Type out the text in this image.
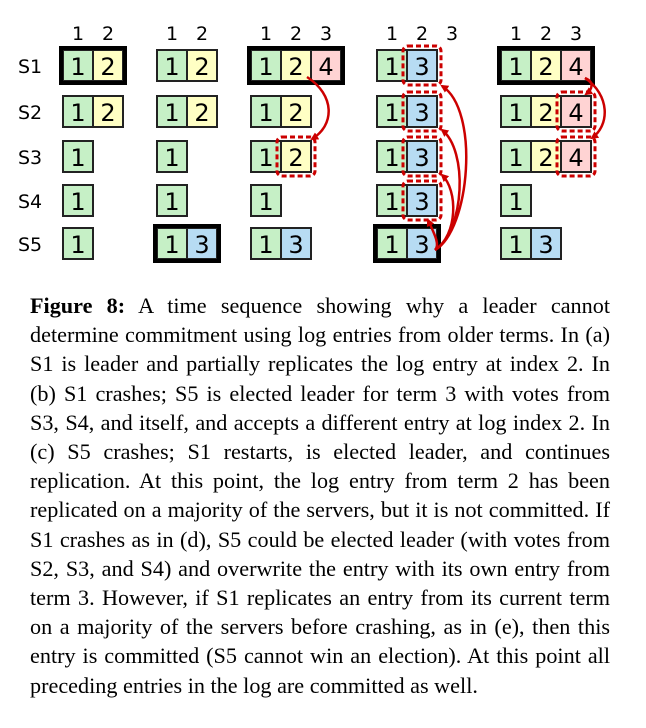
S1
S2
S3
S4
S5
1 2
1 2
1 2
1
1
1
1 2
1 2
1 2
1
1
1 3
1 2 3
1 2 4
1 2
1 2
1
1 3
1 2 3
1 3
1 3
1 3
1 3
1 3
1 2 3
1 2 4
1 2 4
1 2 4
1
1 3
Figure 8: A time sequence showing why a leader cannot determine commitment using log entries from older terms. In (a) S1 is leader and partially replicates the log entry at index 2. In (b) S1 crashes; S5 is elected leader for term 3 with votes from S3, S4, and itself, and accepts a different entry at log index 2. In (c) S5 crashes; S1 restarts, is elected leader, and continues replication. At this point, the log entry from term 2 has been replicated on a majority of the servers, but it is not committed. If S1 crashes as in (d), S5 could be elected leader (with votes from S2, S3, and S4) and overwrite the entry with its own entry from term 3. However, if S1 replicates an entry from its current term on a majority of the servers before crashing, as in (e), then this entry is committed (S5 cannot win an election). At this point all preceding entries in the log are committed as well.
